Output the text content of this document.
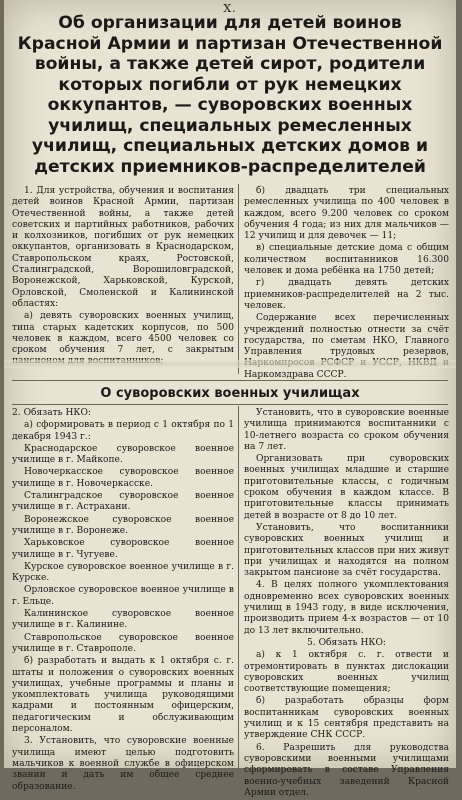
X.
Об организации для детей воинов Красной Армии и партизан Отечественной войны, а также детей сирот, родители которых погибли от рук немецких оккупантов, — суворовских военных училищ, специальных ремесленных училищ, специальных детских домов и детских приемников-распределителей

1. Для устройства, обучения и воспитания детей воинов Красной Армии, партизан Отечественной войны, а также детей советских и партийных работников, рабочих и колхозников, погибших от рук немецких оккупантов, организовать в Краснодарском, Ставропольском краях, Ростовской, Сталинградской, Ворошиловградской, Воронежской, Харьковской, Курской, Орловской, Смоленской и Калининской областях:

а) девять суворовских военных училищ, типа старых кадетских корпусов, по 500 человек в каждом, всего 4500 человек со сроком обучения 7 лет, с закрытым

б) двадцать три специальных ремесленных училища по 400 человек в каждом, всего 9.200 человек со сроком обучения 4 года; из них для мальчиков — 12 училищ и для девочек — 11;

в) специальные детские дома с общим количеством воспитанников 16.300 человек и дома ребёнка на 1750 детей;

г) двадцать девять детских приемников-распределителей на 2 тыс. человек.

Содержание всех перечисленных учреждений полностью отнести за счёт государства, по сметам НКО, Главного Управления трудовых резервов, Наркомздрава СССР.

О суворовских военных училищах

2. Обязать НКО:

а) сформировать в период с 1 октября по 1 декабря 1943 г.:

Краснодарское суворовское военное училище в г. Майкопе.

Новочеркасское суворовское военное училище в г. Новочеркасске.

Сталинградское суворовское военное училище в г. Астрахани.

Воронежское суворовское военное училище в г. Воронеже.

Харьковское суворовское военное училище в г. Чугуеве.

Курское суворовское военное училище в г. Курске.

Орловское суворовское военное училище в г. Ельце.

Калининское суворовское военное училище в г. Калинине.

Ставропольское суворовское военное училище в г. Ставрополе.

б) разработать и выдать к 1 октября с. г. штаты и положения о суворовских военных училищах, учебные программы и планы и укомплектовать училища руководящими кадрами и постоянным офицерским, педагогическим и обслуживающим персоналом.

3. Установить, что суворовские военные училища имеют целью подготовить мальчиков к военной службе в офицерском звании и дать им общее среднее образование.

Установить, что в суворовские военные училища принимаются воспитанники с 10-летнего возраста со сроком обучения на 7 лет.

Организовать при суворовских военных училищах младшие и старшие приготовительные классы, с годичным сроком обучения в каждом классе. В приготовительные классы принимать детей в возрасте от 8 до 10 лет.

Установить, что воспитанники суворовских военных училищ и приготовительных классов при них живут при училищах и находятся на полном закрытом пансионе за счёт государства.

4. В целях полного укомплектования одновременно всех суворовских военных училищ в 1943 году, в виде исключения, производить прием 4-х возрастов — от 10 до 13 лет включительно.

5. Обязать НКО:

а) к 1 октября с. г. отвести и отремонтировать в пунктах дислокации суворовских военных училищ соответствующие помещения;

б) разработать образцы форм воспитанникам суворовских военных училищ и к 15 сентября представить на утверждение СНК СССР.

6. Разрешить для руководства суворовскими военными училищами сформировать в составе Управления военно-учебных заведений Красной Армии отдел.
